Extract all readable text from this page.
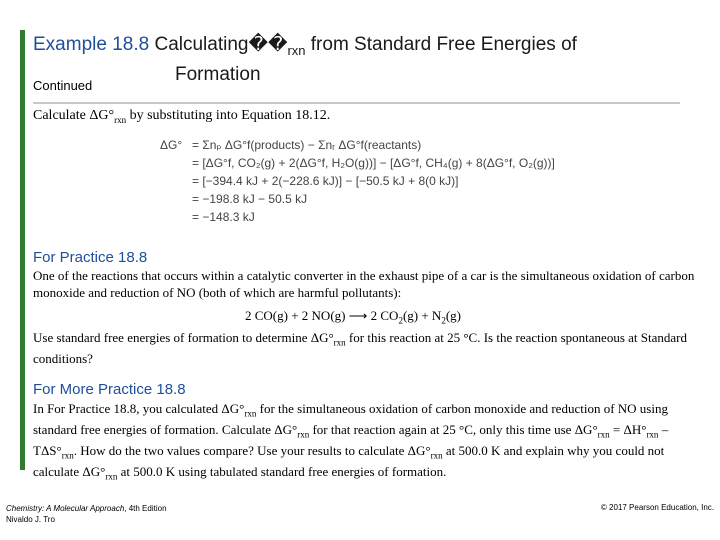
Example 18.8 $Calculating��_{rxn}$ from Standard Free Energies of
Formation
Continued
Calculate $\Delta G^\circ_{rxn}$ by substituting into Equation 18.12.
ΔG° = Σnₚ ΔG°f(products) − Σnᵣ ΔG°f(reactants)
= [ΔG°f, CO₂(g) + 2(ΔG°f, H₂O(g))] − [ΔG°f, CH₄(g) + 8(ΔG°f, O₂(g))]
= [−394.4 kJ + 2(−228.6 kJ)] − [−50.5 kJ + 8(0 kJ)]
= −198.8 kJ − 50.5 kJ
= −148.3 kJ
For Practice 18.8
One of the reactions that occurs within a catalytic converter in the exhaust pipe of a car is the simultaneous oxidation of carbon monoxide and reduction of NO (both of which are harmful pollutants):
2 CO(g) + 2 NO(g) ⟶ 2 $CO_2(g) + N_2(g)$
Use standard free energies of formation to determine $\Delta G^\circ_{rxn}$ for this reaction at 25 °C. Is the reaction spontaneous at Standard conditions?
For More Practice 18.8
In For Practice 18.8, you calculated $\Delta G^\circ_{rxn}$ for the simultaneous oxidation of carbon monoxide and reduction of NO using standard free energies of formation. Calculate $\Delta G^\circ_{rxn}$ for that reaction again at 25 °C, only this time use $\Delta G^\circ_{rxn} = \Delta H^\circ_{rxn} - T\Delta S^\circ_{rxn}$. How do the two values compare? Use your results to calculate $\Delta G^\circ_{rxn}$ at 500.0 K and explain why you could not calculate $\Delta G^\circ_{rxn}$ at 500.0 K using tabulated standard free energies of formation.
Chemistry: A Molecular Approach, 4th Edition
Nivaldo J. Tro
© 2017 Pearson Education, Inc.
